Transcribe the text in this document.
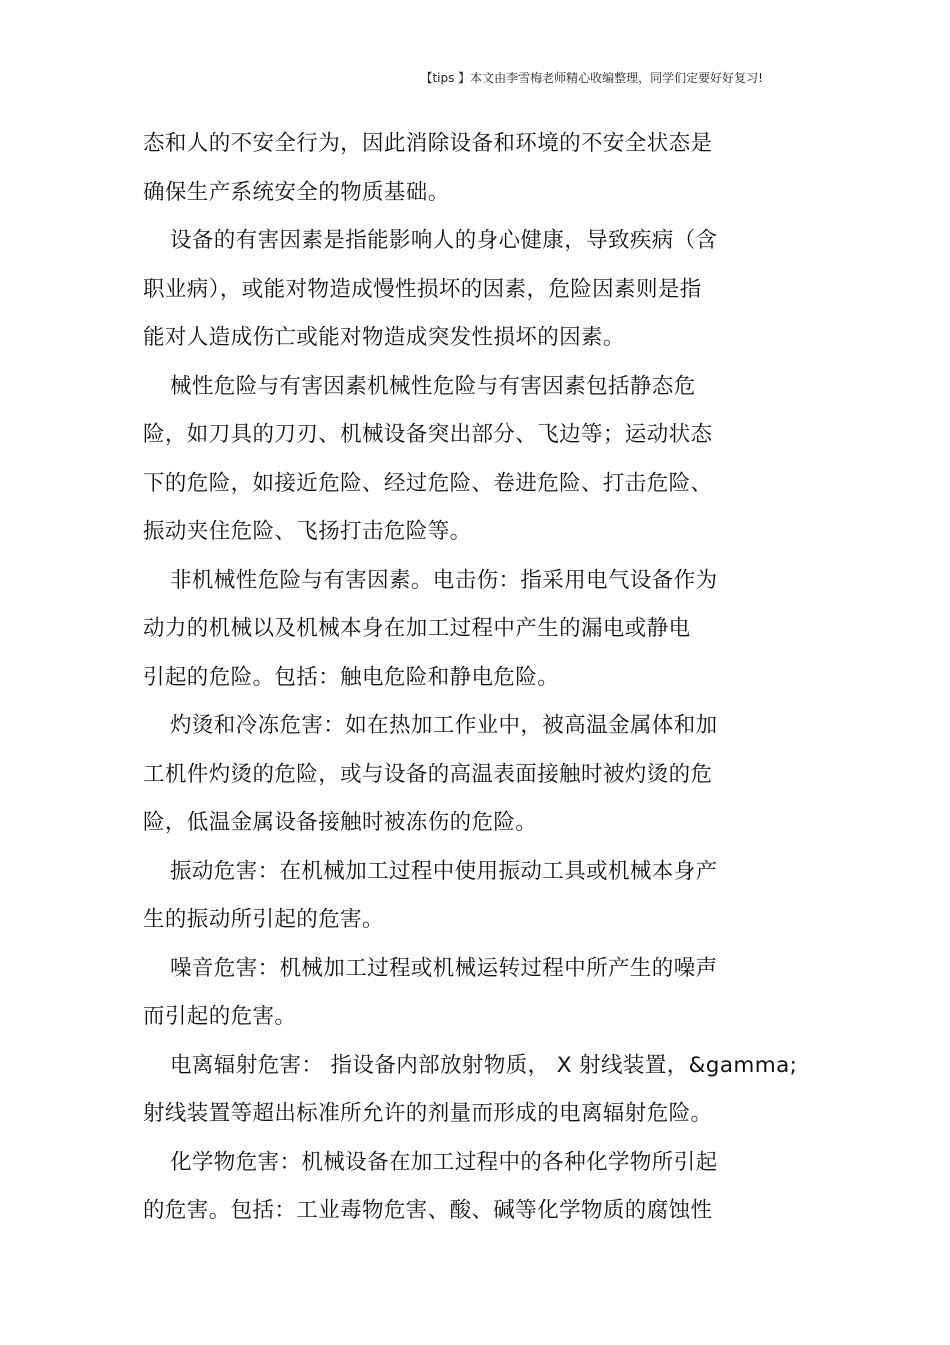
【tips 】本文由李雪梅老师精心收编整理，同学们定要好好复习!
态和人的不安全行为，因此消除设备和环境的不安全状态是
确保生产系统安全的物质基础。
设备的有害因素是指能影响人的身心健康，导致疾病（含
职业病），或能对物造成慢性损坏的因素，危险因素则是指
能对人造成伤亡或能对物造成突发性损坏的因素。
械性危险与有害因素机械性危险与有害因素包括静态危
险，如刀具的刀刃、机械设备突出部分、飞边等；运动状态
下的危险，如接近危险、经过危险、卷进危险、打击危险、
振动夹住危险、飞扬打击危险等。
非机械性危险与有害因素。电击伤：指采用电气设备作为
动力的机械以及机械本身在加工过程中产生的漏电或静电
引起的危险。包括：触电危险和静电危险。
灼烫和冷冻危害：如在热加工作业中，被高温金属体和加
工机件灼烫的危险，或与设备的高温表面接触时被灼烫的危
险，低温金属设备接触时被冻伤的危险。
振动危害：在机械加工过程中使用振动工具或机械本身产
生的振动所引起的危害。
噪音危害：机械加工过程或机械运转过程中所产生的噪声
而引起的危害。
电离辐射危害： 指设备内部放射物质， X 射线装置，&gamma;
射线装置等超出标准所允许的剂量而形成的电离辐射危险。
化学物危害：机械设备在加工过程中的各种化学物所引起
的危害。包括：工业毒物危害、酸、碱等化学物质的腐蚀性
